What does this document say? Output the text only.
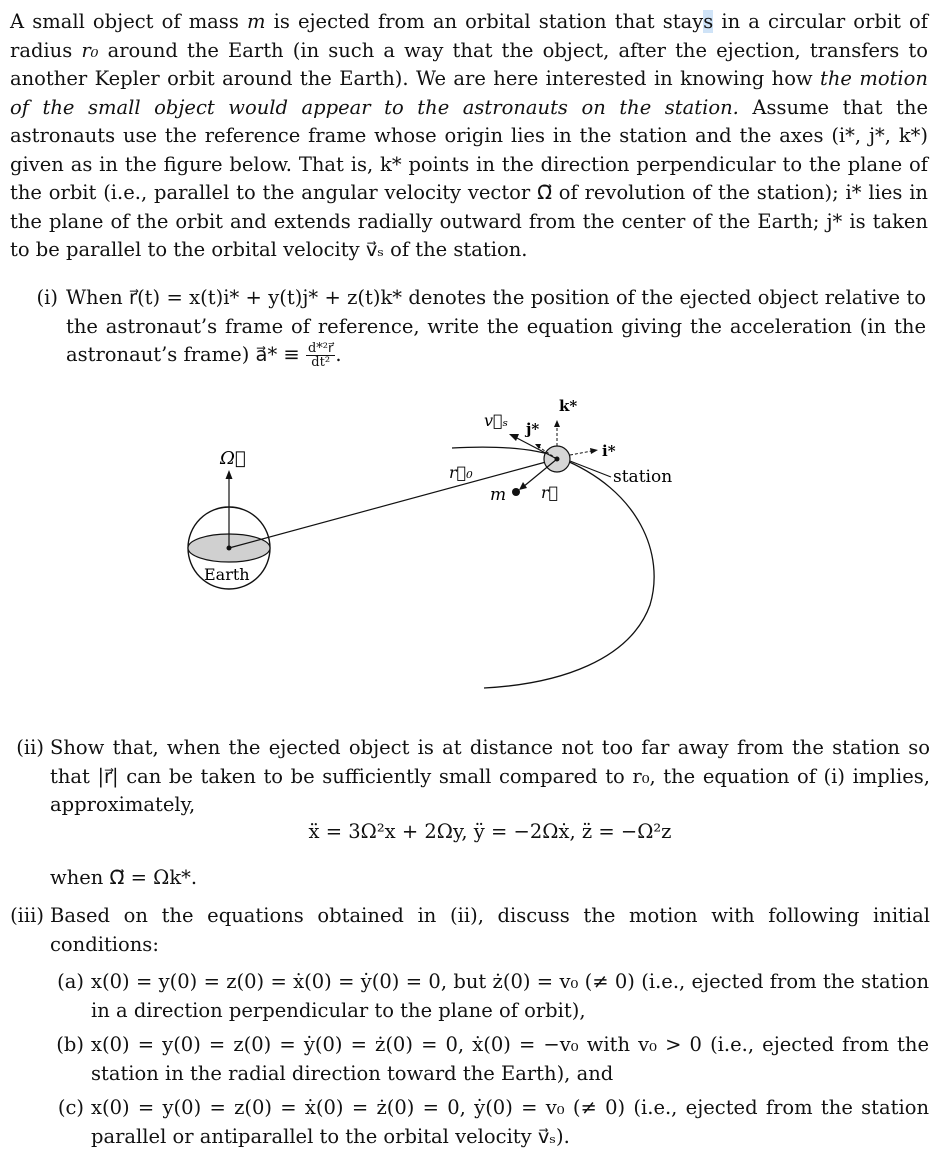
A small object of mass m is ejected from an orbital station that stays in a circular orbit of radius r₀ around the Earth (in such a way that the object, after the ejection, transfers to another Kepler orbit around the Earth). We are here interested in knowing how the motion of the small object would appear to the astronauts on the station. Assume that the astronauts use the reference frame whose origin lies in the station and the axes (i*, j*, k*) given as in the figure below. That is, k* points in the direction perpendicular to the plane of the orbit (i.e., parallel to the angular velocity vector Ω⃗ of revolution of the station); i* lies in the plane of the orbit and extends radially outward from the center of the Earth; j* is taken to be parallel to the orbital velocity v⃗ₛ of the station.

(i) When r⃗(t) = x(t)i* + y(t)j* + z(t)k* denotes the position of the ejected object relative to the astronaut’s frame of reference, write the equation giving the acceleration (in the astronaut’s frame) a⃗* ≡ $\frac{\text{d*²r⃗}}{\text{dt²}}$ .

Ω⃗
Earth
r⃗₀
v⃗ₛ j*
k*
i*
station
m r⃗
(ii) Show that, when the ejected object is at distance not too far away from the station so that |r⃗| can be taken to be sufficiently small compared to r₀, the equation of (i) implies, approximately,

ẍ = 3Ω²x + 2Ωy, ÿ = −2Ωẋ, z̈ = −Ω²z

when Ω⃗ = Ωk*.

(iii) Based on the equations obtained in (ii), discuss the motion with following initial conditions:

(a) x(0) = y(0) = z(0) = ẋ(0) = ẏ(0) = 0, but ż(0) = v₀ (≠ 0) (i.e., ejected from the station in a direction perpendicular to the plane of orbit),

(b) x(0) = y(0) = z(0) = ẏ(0) = ż(0) = 0, ẋ(0) = −v₀ with v₀ > 0 (i.e., ejected from the station in the radial direction toward the Earth), and

(c) x(0) = y(0) = z(0) = ẋ(0) = ż(0) = 0, ẏ(0) = v₀ (≠ 0) (i.e., ejected from the station parallel or antiparallel to the orbital velocity v⃗ₛ).
